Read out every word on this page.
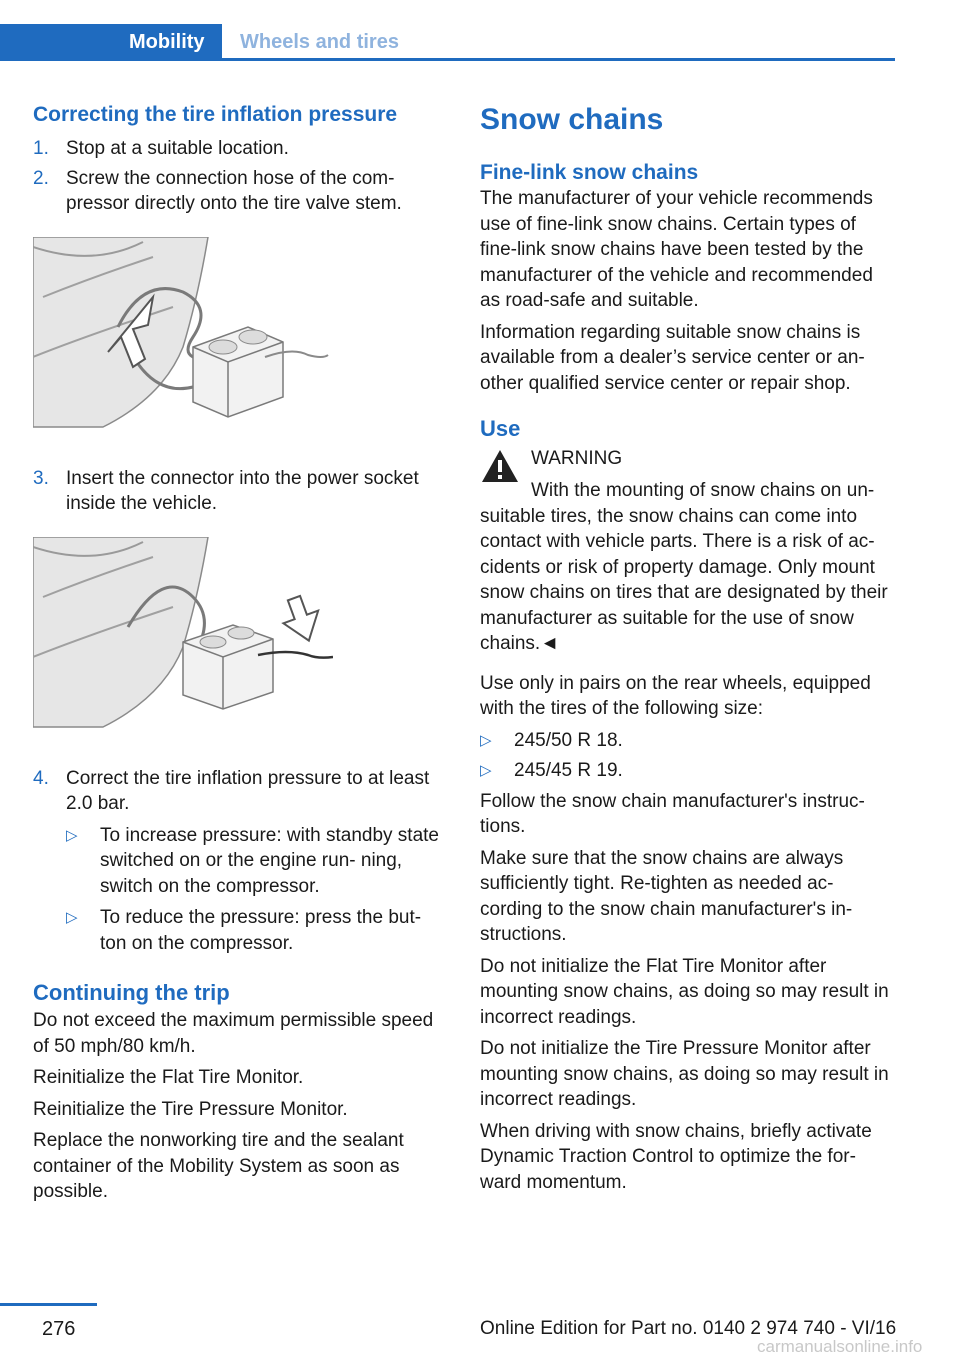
Mobility	Wheels and tires
Correcting the tire inflation pressure
1. Stop at a suitable location.
2. Screw the connection hose of the com‐ pressor directly onto the tire valve stem.
3. Insert the connector into the power socket inside the vehicle.
4. Correct the tire inflation pressure to at least 2.0 bar.
▷ To increase pressure: with standby state switched on or the engine run‐ ning, switch on the compressor.
▷ To reduce the pressure: press the but‐ ton on the compressor.
Continuing the trip

Do not exceed the maximum permissible speed of 50 mph/80 km/h.

Reinitialize the Flat Tire Monitor.

Reinitialize the Tire Pressure Monitor.

Replace the nonworking tire and the sealant container of the Mobility System as soon as possible.

Snow chains
Fine-link snow chains

The manufacturer of your vehicle recommends use of fine-link snow chains. Certain types of fine-link snow chains have been tested by the manufacturer of the vehicle and recommended as road-safe and suitable.

Information regarding suitable snow chains is available from a dealer’s service center or an‐ other qualified service center or repair shop.

Use
WARNING
With the mounting of snow chains on un‐

suitable tires, the snow chains can come into contact with vehicle parts. There is a risk of ac‐ cidents or risk of property damage. Only mount snow chains on tires that are designated by their manufacturer as suitable for the use of snow chains.◄

Use only in pairs on the rear wheels, equipped with the tires of the following size:

▷ 245/50 R 18.
▷ 245/45 R 19.

Follow the snow chain manufacturer's instruc‐ tions.

Make sure that the snow chains are always sufficiently tight. Re-tighten as needed ac‐ cording to the snow chain manufacturer's in‐ structions.

Do not initialize the Flat Tire Monitor after mounting snow chains, as doing so may result in incorrect readings.

Do not initialize the Tire Pressure Monitor after mounting snow chains, as doing so may result in incorrect readings.

When driving with snow chains, briefly activate Dynamic Traction Control to optimize the for‐ ward momentum.

276	Online Edition for Part no. 0140 2 974 740 - VI/16
carmanualsonline.info
